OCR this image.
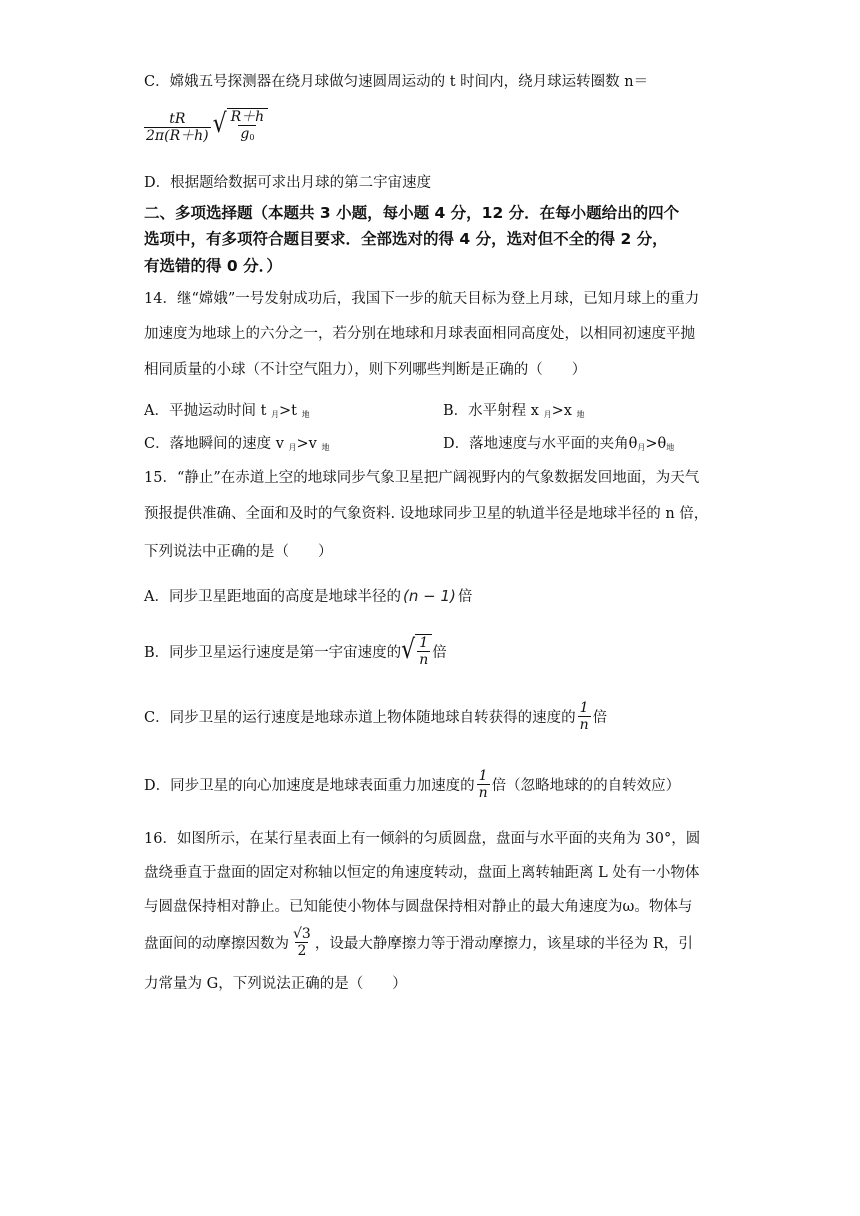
C．嫦娥五号探测器在绕月球做匀速圆周运动的 t 时间内，绕月球运转圈数 n＝
$\frac{tR}{2\pi(R+h)}$ √ $\frac{R+h}{g_0}$
D．根据题给数据可求出月球的第二宇宙速度
二、多项选择题（本题共 3 小题，每小题 4 分，12 分．在每小题给出的四个
选项中，有多项符合题目要求．全部选对的得 4 分，选对但不全的得 2 分，
有选错的得 0 分．）
14．继“嫦娥”一号发射成功后，我国下一步的航天目标为登上月球，已知月球上的重力
加速度为地球上的六分之一，若分别在地球和月球表面相同高度处，以相同初速度平抛
相同质量的小球（不计空气阻力），则下列哪些判断是正确的（　　）
A．平抛运动时间 t $_月$>t $_地$	B．水平射程 x $_月$>x $_地$
C．落地瞬间的速度 v $_月$>v $_地$	D．落地速度与水平面的夹角$\theta_月>\theta_地$
15．“静止”在赤道上空的地球同步气象卫星把广阔视野内的气象数据发回地面，为天气
预报提供准确、全面和及时的气象资料. 设地球同步卫星的轨道半径是地球半径的 n 倍，
下列说法中正确的是（　　）
A．同步卫星距地面的高度是地球半径的 (n − 1) 倍
B．同步卫星运行速度是第一宇宙速度的 √ $\frac{1}{n}$ 倍
C．同步卫星的运行速度是地球赤道上物体随地球自转获得的速度的 $\frac{1}{n}$ 倍
D．同步卫星的向心加速度是地球表面重力加速度的 $\frac{1}{n}$ 倍（忽略地球的的自转效应）
16．如图所示，在某行星表面上有一倾斜的匀质圆盘，盘面与水平面的夹角为 30°，圆
盘绕垂直于盘面的固定对称轴以恒定的角速度转动，盘面上离转轴距离 L 处有一小物体
与圆盘保持相对静止。已知能使小物体与圆盘保持相对静止的最大角速度为ω。物体与
盘面间的动摩擦因数为 $\frac{√3}{2}$ ，设最大静摩擦力等于滑动摩擦力，该星球的半径为 R，引
力常量为 G，下列说法正确的是（　　）
